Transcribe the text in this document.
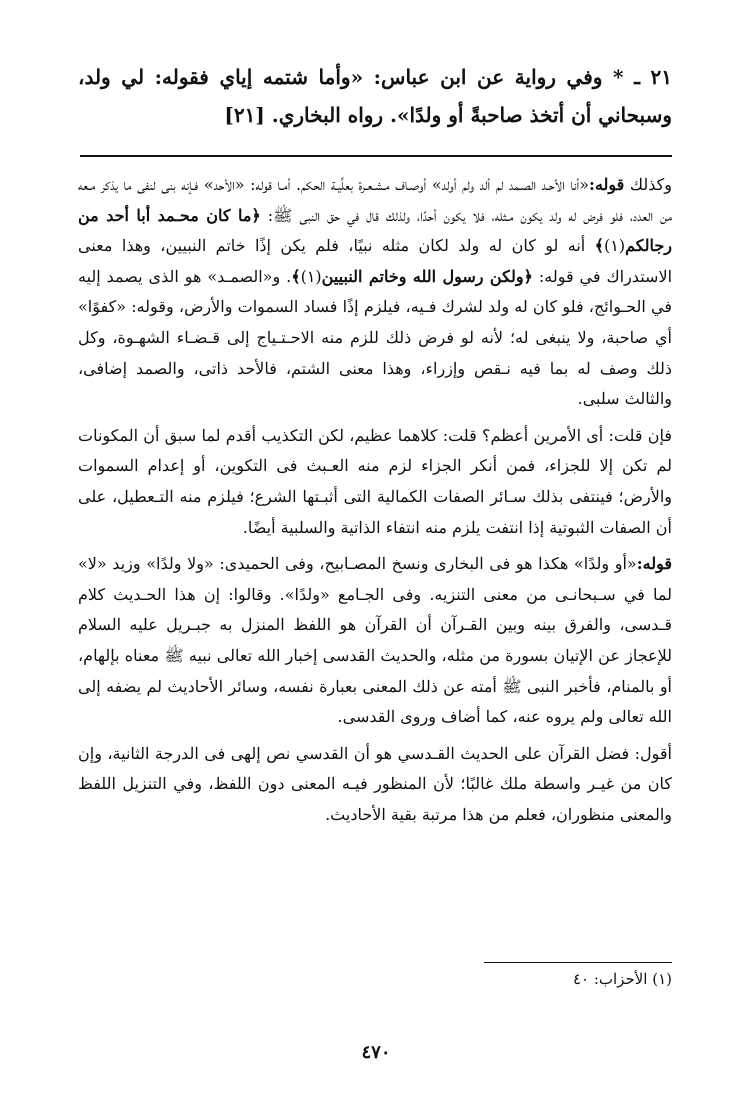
٢١ ـ * وفي رواية عن ابن عباس: «وأما شتمه إياي فقوله: لي ولد، وسبحاني أن أتخذ صاحبةً أو ولدًا». رواه البخاري. [٢١]

وكذلك قوله:«أنا الأحـد الصـمد لم ألد ولم أولد» أوصـاف مـشـعـرة بعلِّيـة الحكم. أمـا قوله: «الأحد» فـإنه بنى لنفى ما يذكر مـعه من العدد، فلو فرض له ولد يكون مـثله، فلا يكون أحدًا، ولذلك قال في حق النبى ﷺ: ﴿ما كان محـمد أبا أحد من رجالكم(١)﴾ أنه لو كان له ولد لكان مثله نبيًا، فلم يكن إذًا خاتم النبيين، وهذا معنى الاستدراك في قوله: ﴿ولكن رسول الله وخاتم النبيين(١)﴾. و«الصمـد» هو الذى يصمد إليه في الحـوائج، فلو كان له ولد لشرك فـيه، فيلزم إذًا فساد السموات والأرض، وقوله: «كفوًا» أي صاحبة، ولا ينبغى له؛ لأنه لو فرض ذلك للزم منه الاحـتـياج إلى قـضـاء الشهـوة، وكل ذلك وصف له بما فيه نـقص وإزراء، وهذا معنى الشتم، فالأحد ذاتى، والصمد إضافى، والثالث سلبى.

فإن قلت: أى الأمرين أعظم؟ قلت: كلاهما عظيم، لكن التكذيب أقدم لما سبق أن المكونات لم تكن إلا للجزاء، فمن أنكر الجزاء لزم منه العـبث فى التكوين، أو إعدام السموات والأرض؛ فينتفى بذلك سـائر الصفات الكمالية التى أثبـتها الشرع؛ فيلزم منه التـعطيل، على أن الصفات الثبوتية إذا انتفت يلزم منه انتفاء الذاتية والسلبية أيضًا.

قوله:«أو ولدًا» هكذا هو فى البخارى ونسخ المصـابيح، وفى الحميدى: «ولا ولدًا» وزيد «لا» لما في سـبحانـى من معنى التنزيه. وفى الجـامع «ولدًا». وقالوا: إن هذا الحـديث كلام قـدسى، والفرق بينه وبين القـرآن أن القرآن هو اللفظ المنزل به جبـريل عليه السلام للإعجاز عن الإتيان بسورة من مثله، والحديث القدسى إخبار الله تعالى نبيه ﷺ معناه بإلهام، أو بالمنام، فأخبر النبى ﷺ أمته عن ذلك المعنى بعبارة نفسه، وسائر الأحاديث لم يضفه إلى الله تعالى ولم يروه عنه، كما أضاف وروى القدسى.

أقول: فضل القرآن على الحديث القـدسي هو أن القدسي نص إلهى فى الدرجة الثانية، وإن كان من غيـر واسطة ملك غالبًا؛ لأن المنظور فيـه المعنى دون اللفظ، وفي التنزيل اللفظ والمعنى منظوران، فعلم من هذا مرتبة بقية الأحاديث.

(١) الأحزاب: ٤٠
٤٧٠
